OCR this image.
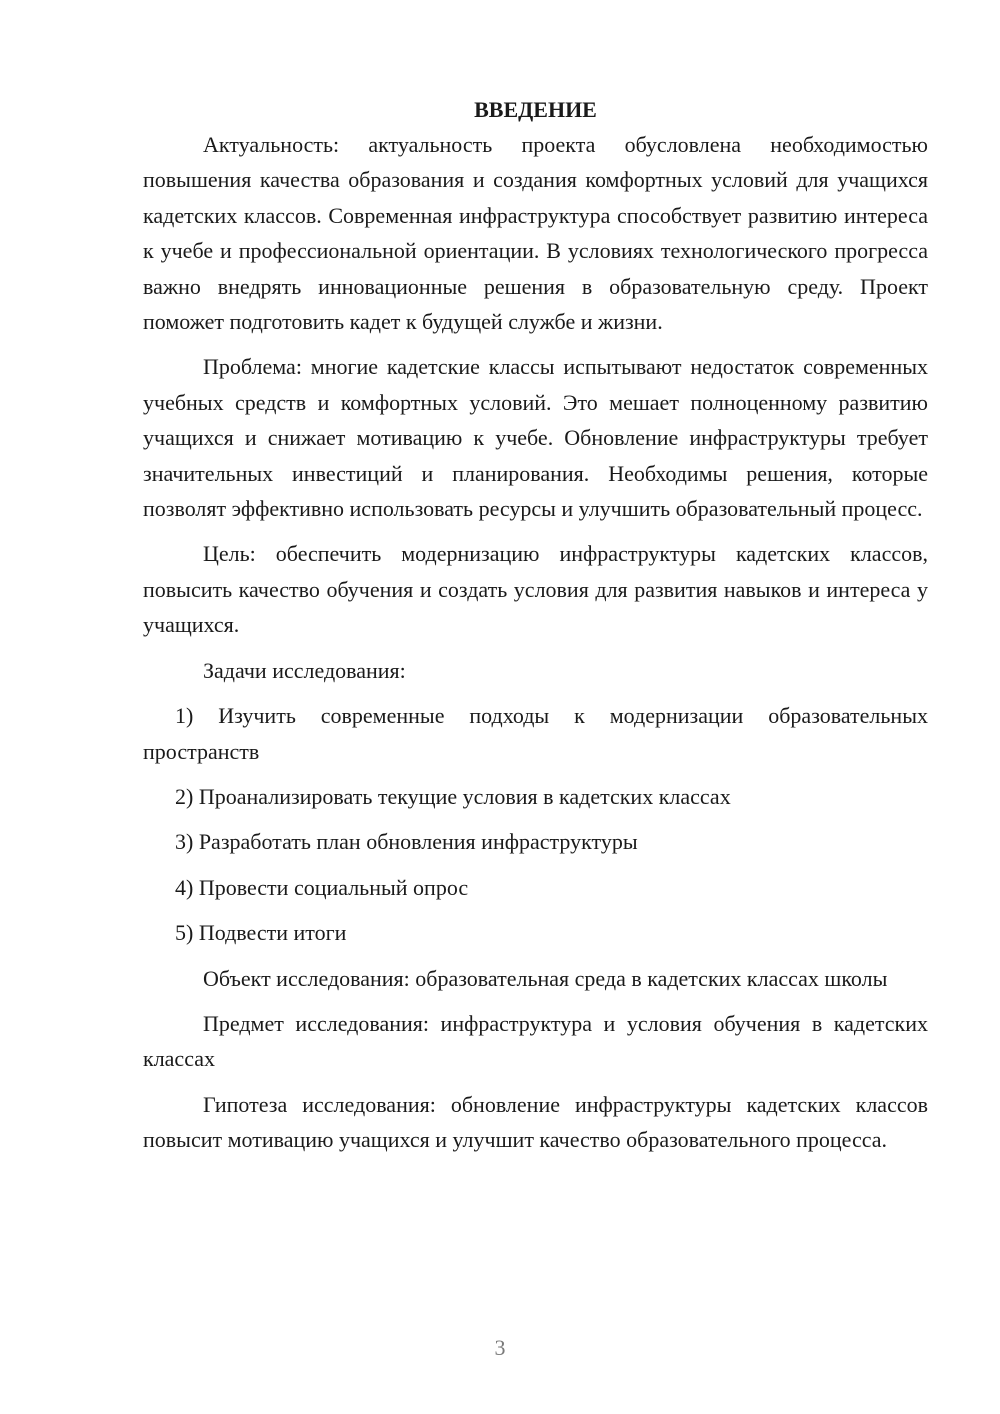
ВВЕДЕНИЕ

Актуальность: актуальность проекта обусловлена необходимостью повышения качества образования и создания комфортных условий для учащихся кадетских классов. Современная инфраструктура способствует развитию интереса к учебе и профессиональной ориентации. В условиях технологического прогресса важно внедрять инновационные решения в образовательную среду. Проект поможет подготовить кадет к будущей службе и жизни.

Проблема: многие кадетские классы испытывают недостаток современных учебных средств и комфортных условий. Это мешает полноценному развитию учащихся и снижает мотивацию к учебе. Обновление инфраструктуры требует значительных инвестиций и планирования. Необходимы решения, которые позволят эффективно использовать ресурсы и улучшить образовательный процесс.

Цель: обеспечить модернизацию инфраструктуры кадетских классов, повысить качество обучения и создать условия для развития навыков и интереса у учащихся.

Задачи исследования:

1) Изучить современные подходы к модернизации образовательных пространств

2) Проанализировать текущие условия в кадетских классах

3) Разработать план обновления инфраструктуры

4) Провести социальный опрос

5) Подвести итоги

Объект исследования: образовательная среда в кадетских классах школы

Предмет исследования: инфраструктура и условия обучения в кадетских классах

Гипотеза исследования: обновление инфраструктуры кадетских классов повысит мотивацию учащихся и улучшит качество образовательного процесса.

3
